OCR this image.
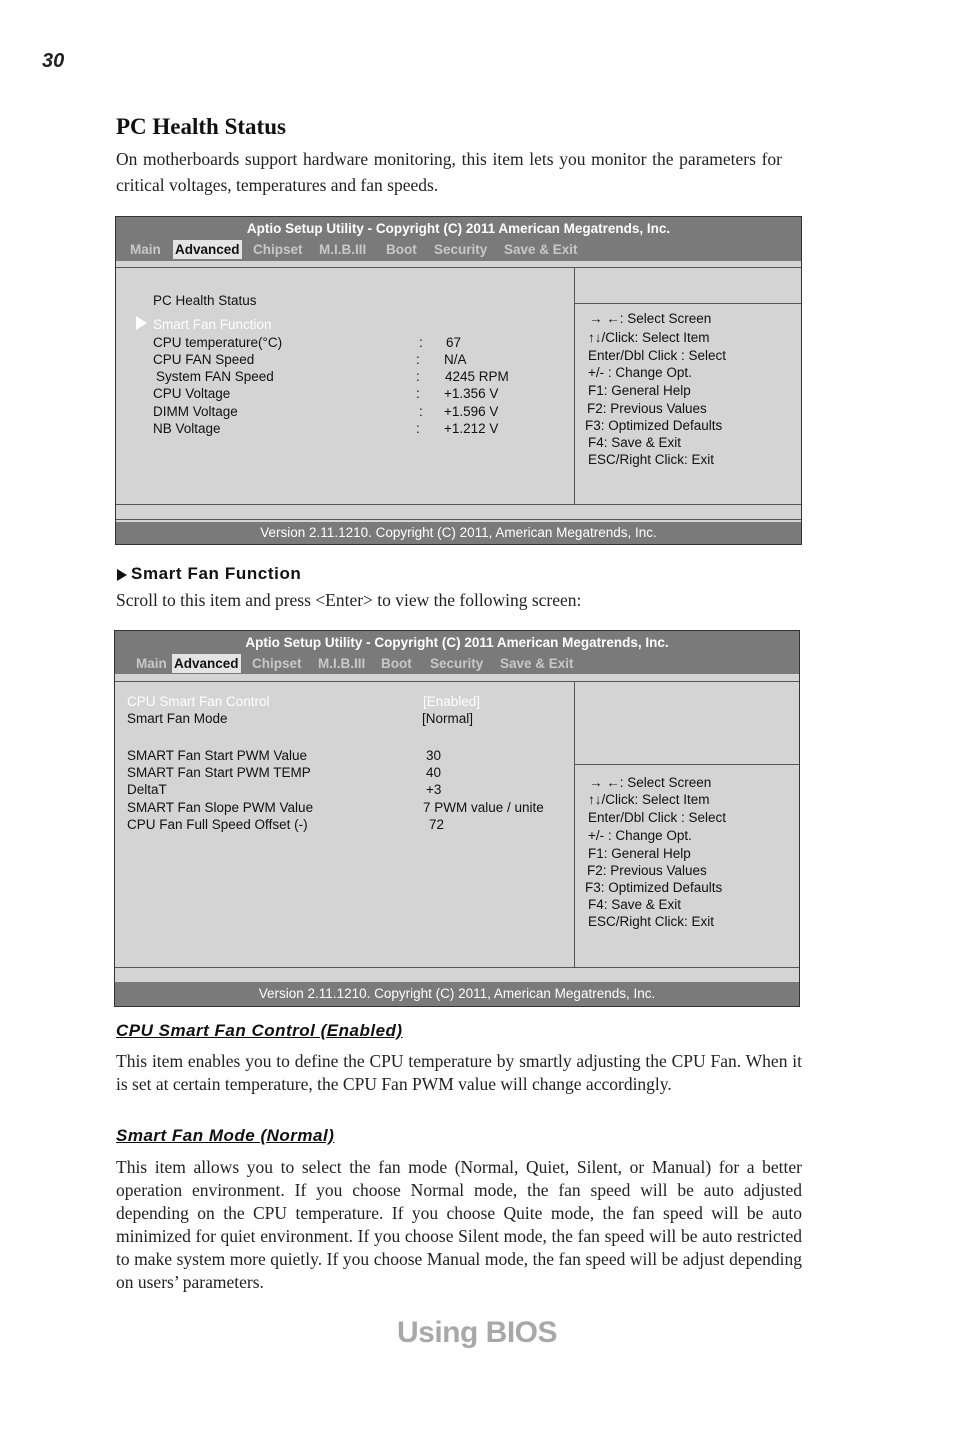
30
PC Health Status
On motherboards support hardware monitoring, this item lets you monitor the parameters for critical voltages, temperatures and fan speeds.
Aptio Setup Utility - Copyright (C) 2011 American Megatrends, Inc.
Main Advanced Chipset M.I.B.III Boot Security Save & Exit
PC Health Status
Smart Fan Function
CPU temperature(°C)	: 67
CPU FAN Speed	: N/A
System FAN Speed	: 4245 RPM
CPU Voltage	: +1.356 V
DIMM Voltage	: +1.596 V
NB Voltage	: +1.212 V
→ ←: Select Screen
↑↓/Click: Select Item
Enter/Dbl Click : Select
+/- : Change Opt.
F1: General Help
F2: Previous Values
F3: Optimized Defaults
F4: Save & Exit
ESC/Right Click: Exit
Version 2.11.1210. Copyright (C) 2011, American Megatrends, Inc.
Smart Fan Function
Scroll to this item and press <Enter> to view the following screen:
Aptio Setup Utility - Copyright (C) 2011 American Megatrends, Inc.
Main Advanced Chipset M.I.B.III Boot Security Save & Exit
CPU Smart Fan Control	[Enabled]
Smart Fan Mode	[Normal]
SMART Fan Start PWM Value	30
SMART Fan Start PWM TEMP	40
DeltaT	+3
SMART Fan Slope PWM Value	7 PWM value / unite
CPU Fan Full Speed Offset (-)	72
→ ←: Select Screen
↑↓/Click: Select Item
Enter/Dbl Click : Select
+/- : Change Opt.
F1: General Help
F2: Previous Values
F3: Optimized Defaults
F4: Save & Exit
ESC/Right Click: Exit
Version 2.11.1210. Copyright (C) 2011, American Megatrends, Inc.
CPU Smart Fan Control (Enabled)
This item enables you to define the CPU temperature by smartly adjusting the CPU Fan. When it is set at certain temperature, the CPU Fan PWM value will change accordingly.
Smart Fan Mode (Normal)
This item allows you to select the fan mode (Normal, Quiet, Silent, or Manual) for a better operation environment. If you choose Normal mode, the fan speed will be auto adjusted depending on the CPU temperature. If you choose Quite mode, the fan speed will be auto minimized for quiet environment. If you choose Silent mode, the fan speed will be auto restricted to make system more quietly. If you choose Manual mode, the fan speed will be adjust depending on users’ parameters.
Using BIOS
